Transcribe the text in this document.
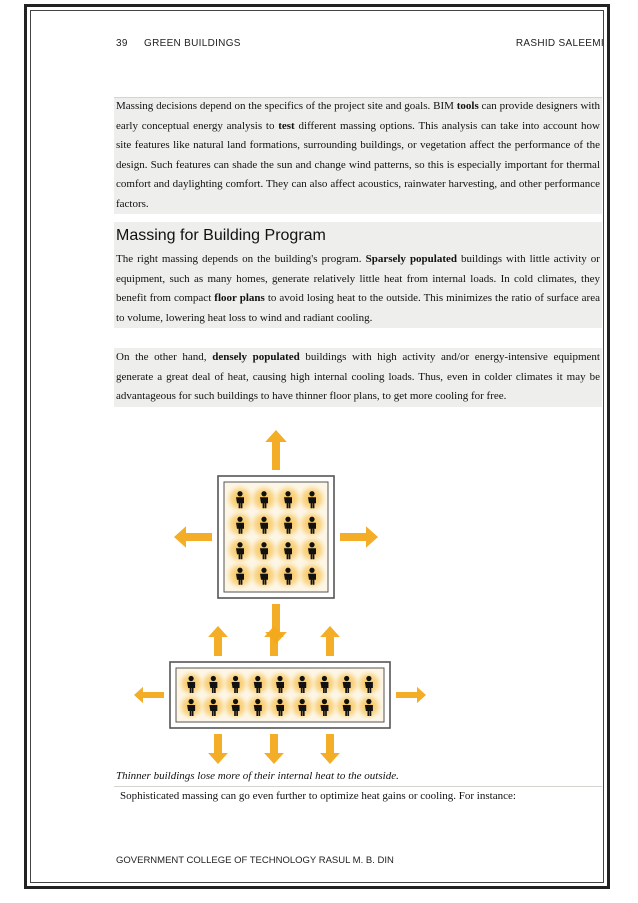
39 GREEN BUILDINGS	RASHID SALEEMI
Massing decisions depend on the specifics of the project site and goals. BIM tools can provide designers with early conceptual energy analysis to test different massing options. This analysis can take into account how site features like natural land formations, surrounding buildings, or vegetation affect the performance of the design. Such features can shade the sun and change wind patterns, so this is especially important for thermal comfort and daylighting comfort. They can also affect acoustics, rainwater harvesting, and other performance factors.
Massing for Building Program
The right massing depends on the building's program. Sparsely populated buildings with little activity or equipment, such as many homes, generate relatively little heat from internal loads. In cold climates, they benefit from compact floor plans to avoid losing heat to the outside. This minimizes the ratio of surface area to volume, lowering heat loss to wind and radiant cooling.
On the other hand, densely populated buildings with high activity and/or energy-intensive equipment generate a great deal of heat, causing high internal cooling loads. Thus, even in colder climates it may be advantageous for such buildings to have thinner floor plans, to get more cooling for free.
Thinner buildings lose more of their internal heat to the outside.
Sophisticated massing can go even further to optimize heat gains or cooling. For instance:
GOVERNMENT COLLEGE OF TECHNOLOGY RASUL M. B. DIN
